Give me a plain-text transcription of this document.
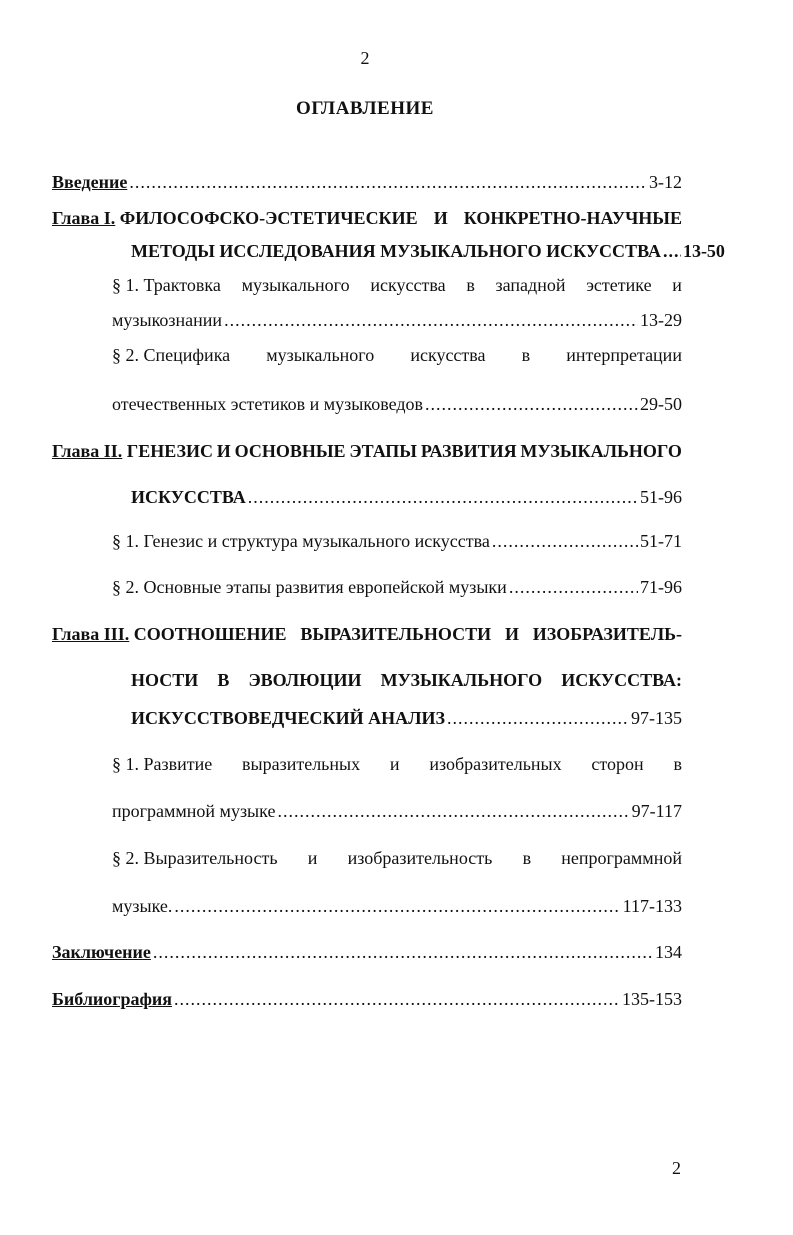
2
ОГЛАВЛЕНИЕ
Введение .....	3-12
Глава I. ФИЛОСОФСКО-ЭСТЕТИЧЕСКИЕ И КОНКРЕТНО-НАУЧНЫЕ
МЕТОДЫ ИССЛЕДОВАНИЯ МУЗЫКАЛЬНОГО ИСКУССТВА ..... 13-50
§ 1. Трактовка музыкального искусства в западной эстетике и
музыкознании .....	13-29
§ 2. Специфика музыкального искусства в интерпретации
отечественных эстетиков и музыковедов .....	29-50
Глава II. ГЕНЕЗИС И ОСНОВНЫЕ ЭТАПЫ РАЗВИТИЯ МУЗЫКАЛЬНОГО
ИСКУССТВА .....	51-96
§ 1. Генезис и структура музыкального искусства .....	51-71
§ 2. Основные этапы развития европейской музыки .....	71-96
Глава III. СООТНОШЕНИЕ ВЫРАЗИТЕЛЬНОСТИ И ИЗОБРАЗИТЕЛЬ-
НОСТИ В ЭВОЛЮЦИИ МУЗЫКАЛЬНОГО ИСКУССТВА:
ИСКУССТВОВЕДЧЕСКИЙ АНАЛИЗ .....	97-135
§ 1. Развитие выразительных и изобразительных сторон в
программной музыке .....	97-117
§ 2. Выразительность и изобразительность в непрограммной
музыке. .....	117-133
Заключение .....	134
Библиография .....	135-153
2
